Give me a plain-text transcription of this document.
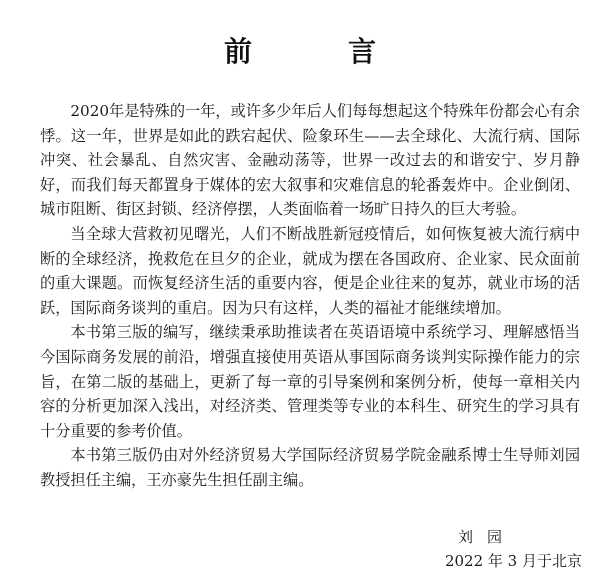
前　言

2020年是特殊的一年，或许多少年后人们每每想起这个特殊年份都会心有余悸。这一年，世界是如此的跌宕起伏、险象环生——去全球化、大流行病、国际冲突、社会暴乱、自然灾害、金融动荡等，世界一改过去的和谐安宁、岁月静好，而我们每天都置身于媒体的宏大叙事和灾难信息的轮番轰炸中。企业倒闭、城市阻断、街区封锁、经济停摆，人类面临着一场旷日持久的巨大考验。

当全球大营救初见曙光，人们不断战胜新冠疫情后，如何恢复被大流行病中断的全球经济，挽救危在旦夕的企业，就成为摆在各国政府、企业家、民众面前的重大课题。而恢复经济生活的重要内容，便是企业往来的复苏，就业市场的活跃，国际商务谈判的重启。因为只有这样，人类的福祉才能继续增加。

本书第三版的编写，继续秉承助推读者在英语语境中系统学习、理解感悟当今国际商务发展的前沿，增强直接使用英语从事国际商务谈判实际操作能力的宗旨，在第二版的基础上，更新了每一章的引导案例和案例分析，使每一章相关内容的分析更加深入浅出，对经济类、管理类等专业的本科生、研究生的学习具有十分重要的参考价值。

本书第三版仍由对外经济贸易大学国际经济贸易学院金融系博士生导师刘园教授担任主编，王亦豪先生担任副主编。

刘园
2022 年 3 月于北京
